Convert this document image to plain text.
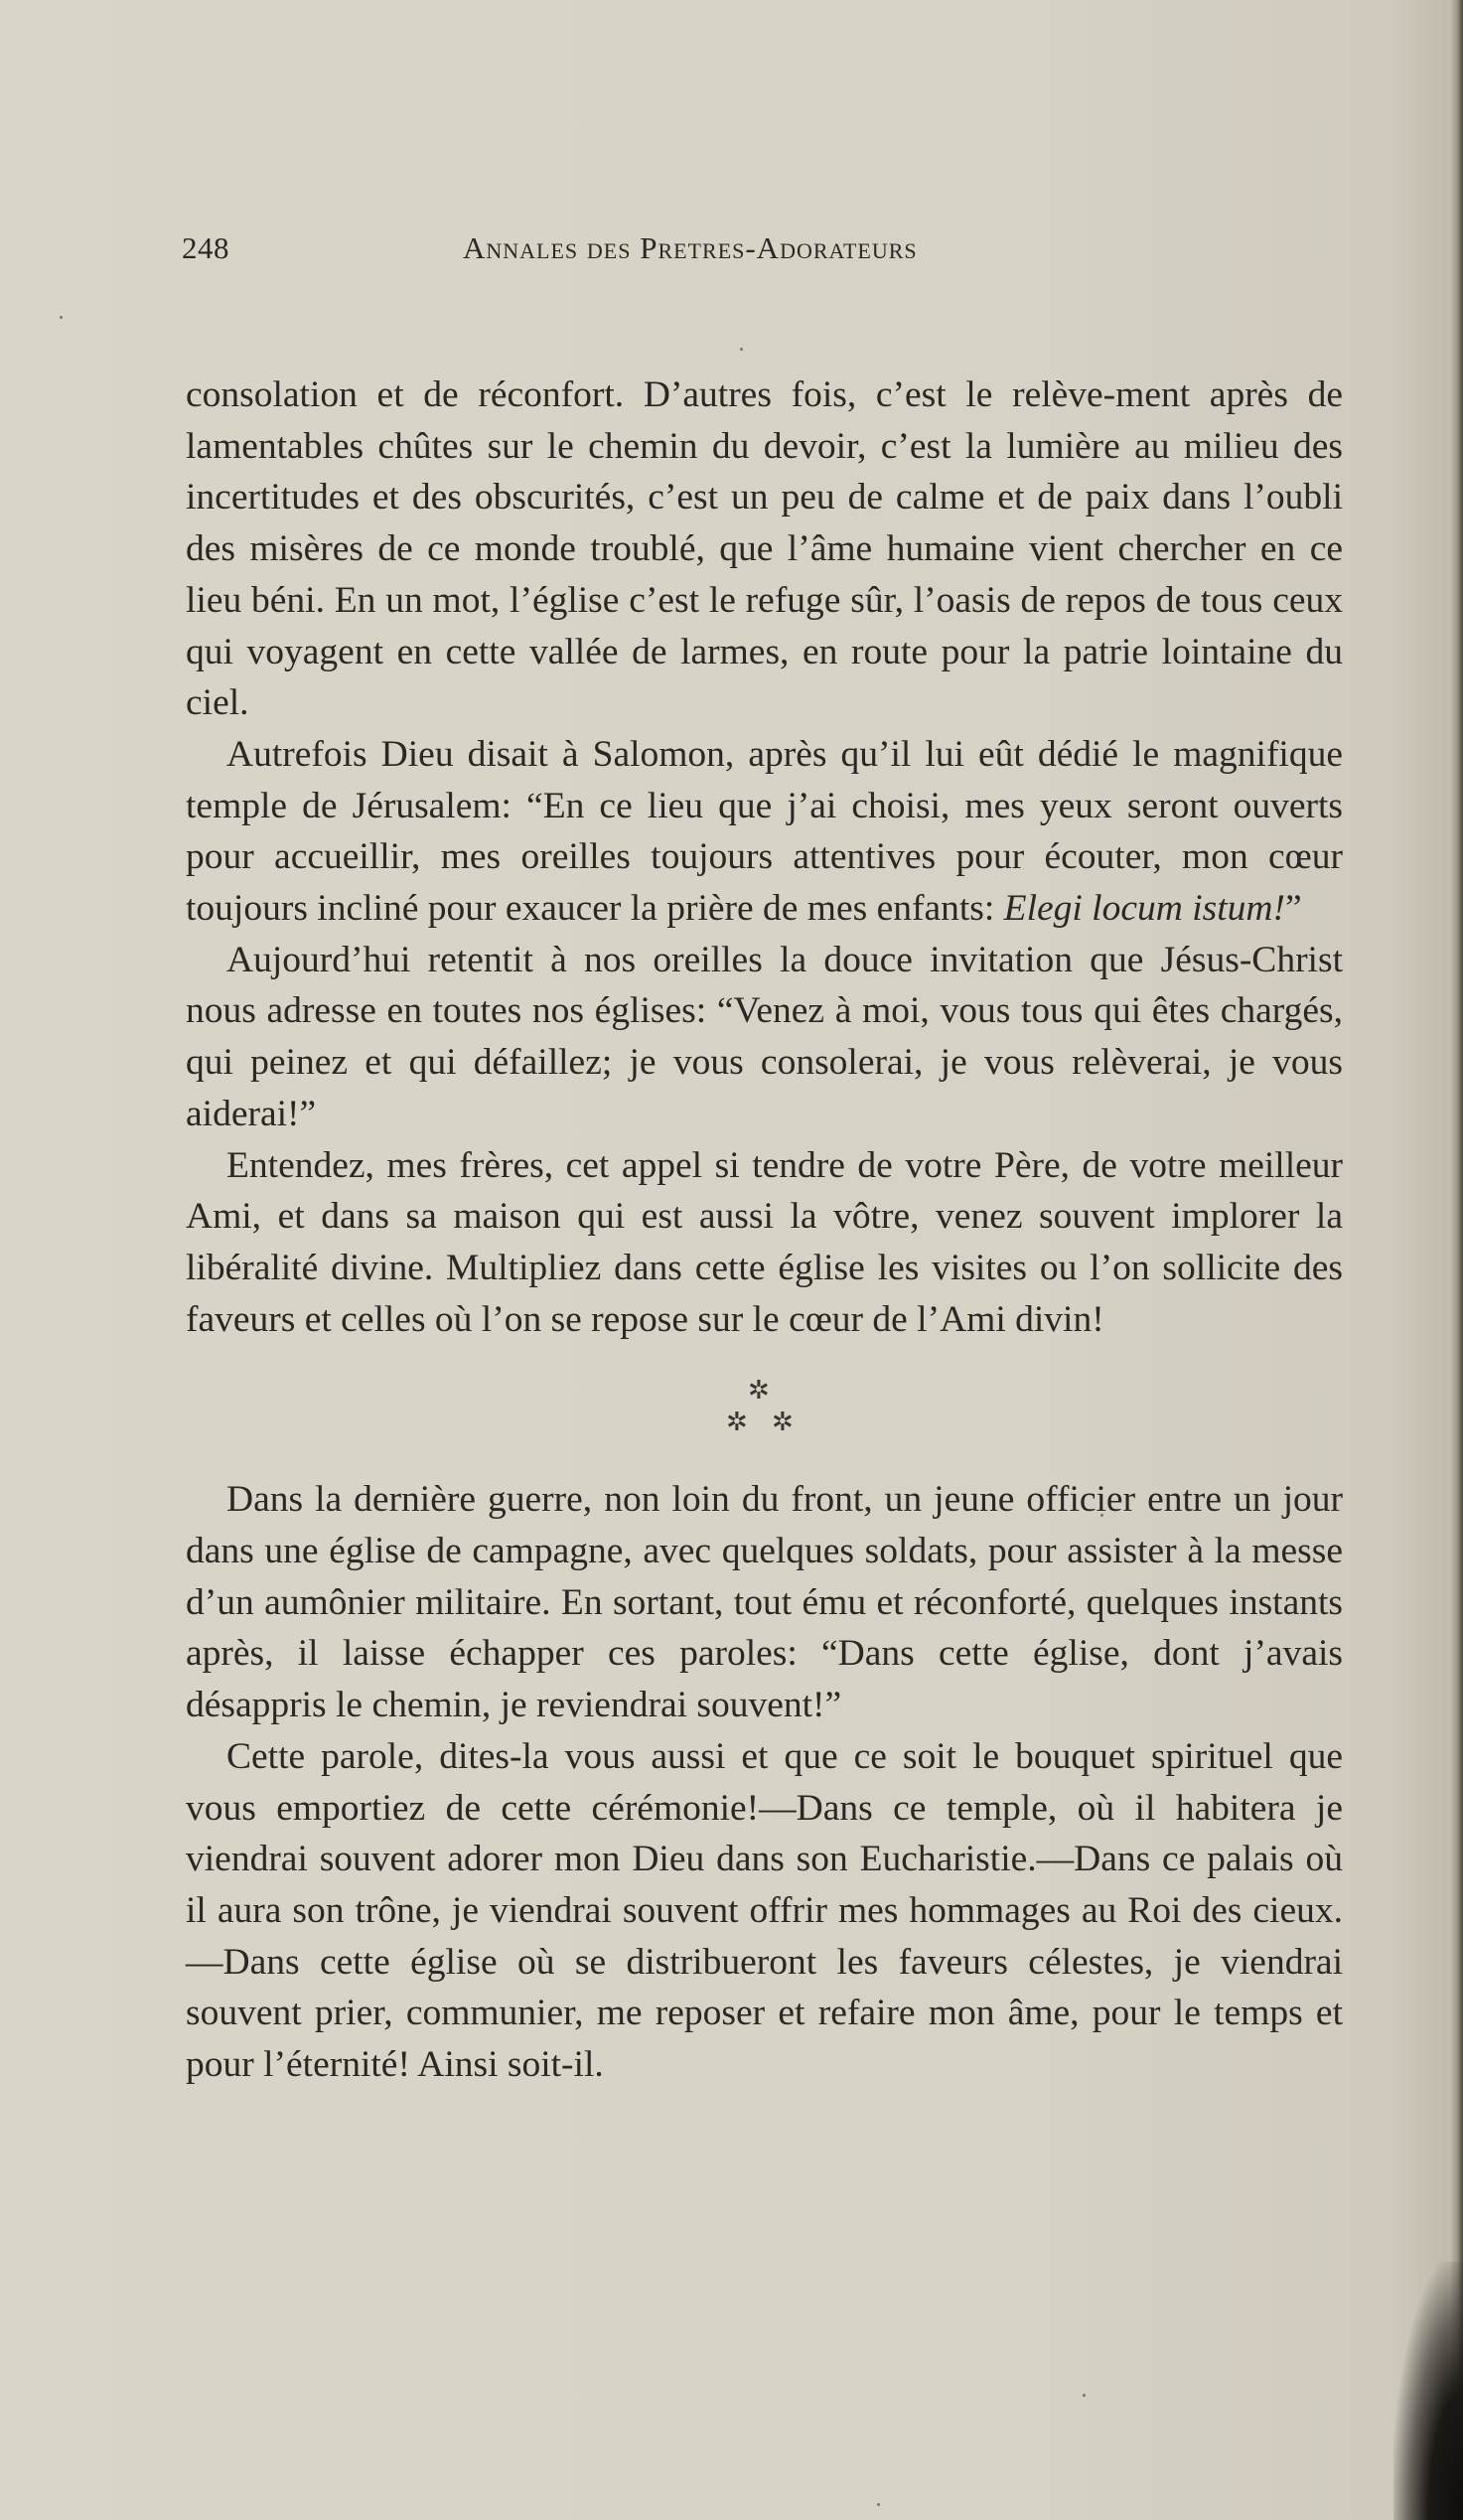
248	Annales des Pretres-Adorateurs

consolation et de réconfort. D’autres fois, c’est le relève-ment après de lamentables chûtes sur le chemin du devoir, c’est la lumière au milieu des incertitudes et des obscurités, c’est un peu de calme et de paix dans l’oubli des misères de ce monde troublé, que l’âme humaine vient chercher en ce lieu béni. En un mot, l’église c’est le refuge sûr, l’oasis de repos de tous ceux qui voyagent en cette vallée de larmes, en route pour la patrie lointaine du ciel.

Autrefois Dieu disait à Salomon, après qu’il lui eût dédié le magnifique temple de Jérusalem: “En ce lieu que j’ai choisi, mes yeux seront ouverts pour accueillir, mes oreilles toujours attentives pour écouter, mon cœur toujours incliné pour exaucer la prière de mes enfants: Elegi locum istum!”

Aujourd’hui retentit à nos oreilles la douce invitation que Jésus-Christ nous adresse en toutes nos églises: “Venez à moi, vous tous qui êtes chargés, qui peinez et qui défaillez; je vous consolerai, je vous relèverai, je vous aiderai!”

Entendez, mes frères, cet appel si tendre de votre Père, de votre meilleur Ami, et dans sa maison qui est aussi la vôtre, venez souvent implorer la libéralité divine. Multipliez dans cette église les visites ou l’on sollicite des faveurs et celles où l’on se repose sur le cœur de l’Ami divin!

✲
✲ ✲

Dans la dernière guerre, non loin du front, un jeune officier entre un jour dans une église de campagne, avec quelques soldats, pour assister à la messe d’un aumônier militaire. En sortant, tout ému et réconforté, quelques instants après, il laisse échapper ces paroles: “Dans cette église, dont j’avais désappris le chemin, je reviendrai souvent!”

Cette parole, dites-la vous aussi et que ce soit le bouquet spirituel que vous emportiez de cette cérémonie!—Dans ce temple, où il habitera je viendrai souvent adorer mon Dieu dans son Eucharistie.—Dans ce palais où il aura son trône, je viendrai souvent offrir mes hommages au Roi des cieux.—Dans cette église où se distribueront les faveurs célestes, je viendrai souvent prier, communier, me reposer et refaire mon âme, pour le temps et pour l’éternité! Ainsi soit-il.
